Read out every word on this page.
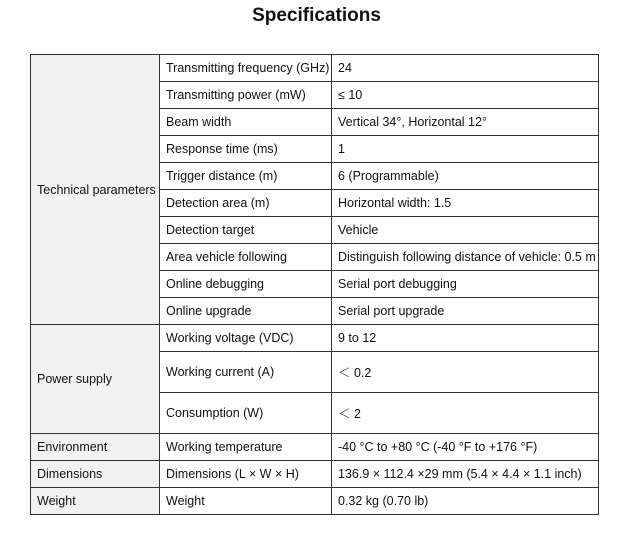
Specifications
Technical parameters	Transmitting frequency (GHz)	24
	Transmitting power (mW)	≤ 10
	Beam width	Vertical 34°, Horizontal 12°
	Response time (ms)	1
	Trigger distance (m)	6 (Programmable)
	Detection area (m)	Horizontal width: 1.5
	Detection target	Vehicle
	Area vehicle following	Distinguish following distance of vehicle: 0.5 m
	Online debugging	Serial port debugging
	Online upgrade	Serial port upgrade
Power supply	Working voltage (VDC)	9 to 12
	Working current (A)	＜ 0.2
	Consumption (W)	＜ 2
Environment	Working temperature	-40 °C to +80 °C (-40 °F to +176 °F)
Dimensions	Dimensions (L × W × H)	136.9 × 112.4 ×29 mm (5.4 × 4.4 × 1.1 inch)
Weight	Weight	0.32 kg (0.70 lb)
